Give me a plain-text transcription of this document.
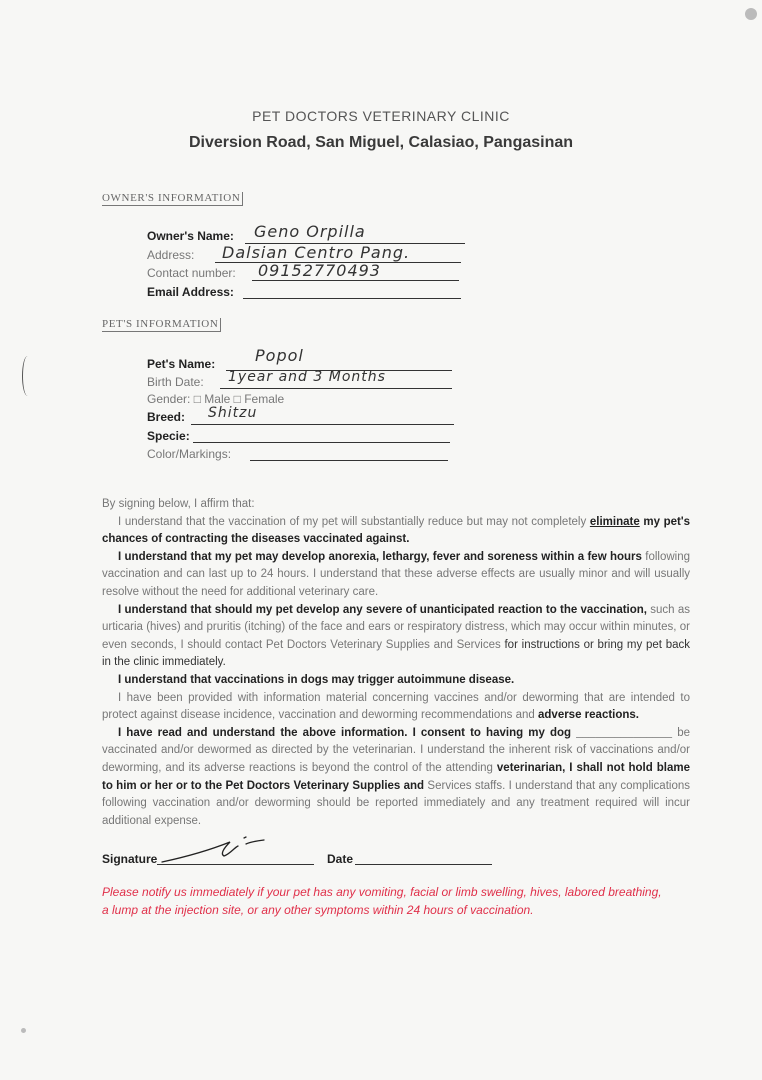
PET DOCTORS VETERINARY CLINIC
Diversion Road, San Miguel, Calasiao, Pangasinan
OWNER'S INFORMATION
Owner's Name: Geno Orpilla
Address: Dalsian Centro Pang.
Contact number: 09152770493
Email Address:
PET'S INFORMATION
Pet's Name: Popol
Birth Date: 1year and 3 Months
Gender: □ Male □ Female
Breed: Shitzu
Specie:
Color/Markings:
By signing below, I affirm that:
I understand that the vaccination of my pet will substantially reduce but may not completely eliminate my pet's chances of contracting the diseases vaccinated against.
I understand that my pet may develop anorexia, lethargy, fever and soreness within a few hours following vaccination and can last up to 24 hours. I understand that these adverse effects are usually minor and will usually resolve without the need for additional veterinary care.
I understand that should my pet develop any severe of unanticipated reaction to the vaccination, such as urticaria (hives) and pruritis (itching) of the face and ears or respiratory distress, which may occur within minutes, or even seconds, I should contact Pet Doctors Veterinary Supplies and Services for instructions or bring my pet back in the clinic immediately.
I understand that vaccinations in dogs may trigger autoimmune disease.
I have been provided with information material concerning vaccines and/or deworming that are intended to protect against disease incidence, vaccination and deworming recommendations and adverse reactions.
I have read and understand the above information. I consent to having my dog _______________ be vaccinated and/or dewormed as directed by the veterinarian. I understand the inherent risk of vaccinations and/or deworming, and its adverse reactions is beyond the control of the attending veterinarian, I shall not hold blame to him or her or to the Pet Doctors Veterinary Supplies and Services staffs. I understand that any complications following vaccination and/or deworming should be reported immediately and any treatment required will incur additional expense.
Signature	Date
Please notify us immediately if your pet has any vomiting, facial or limb swelling, hives, labored breathing, a lump at the injection site, or any other symptoms within 24 hours of vaccination.
